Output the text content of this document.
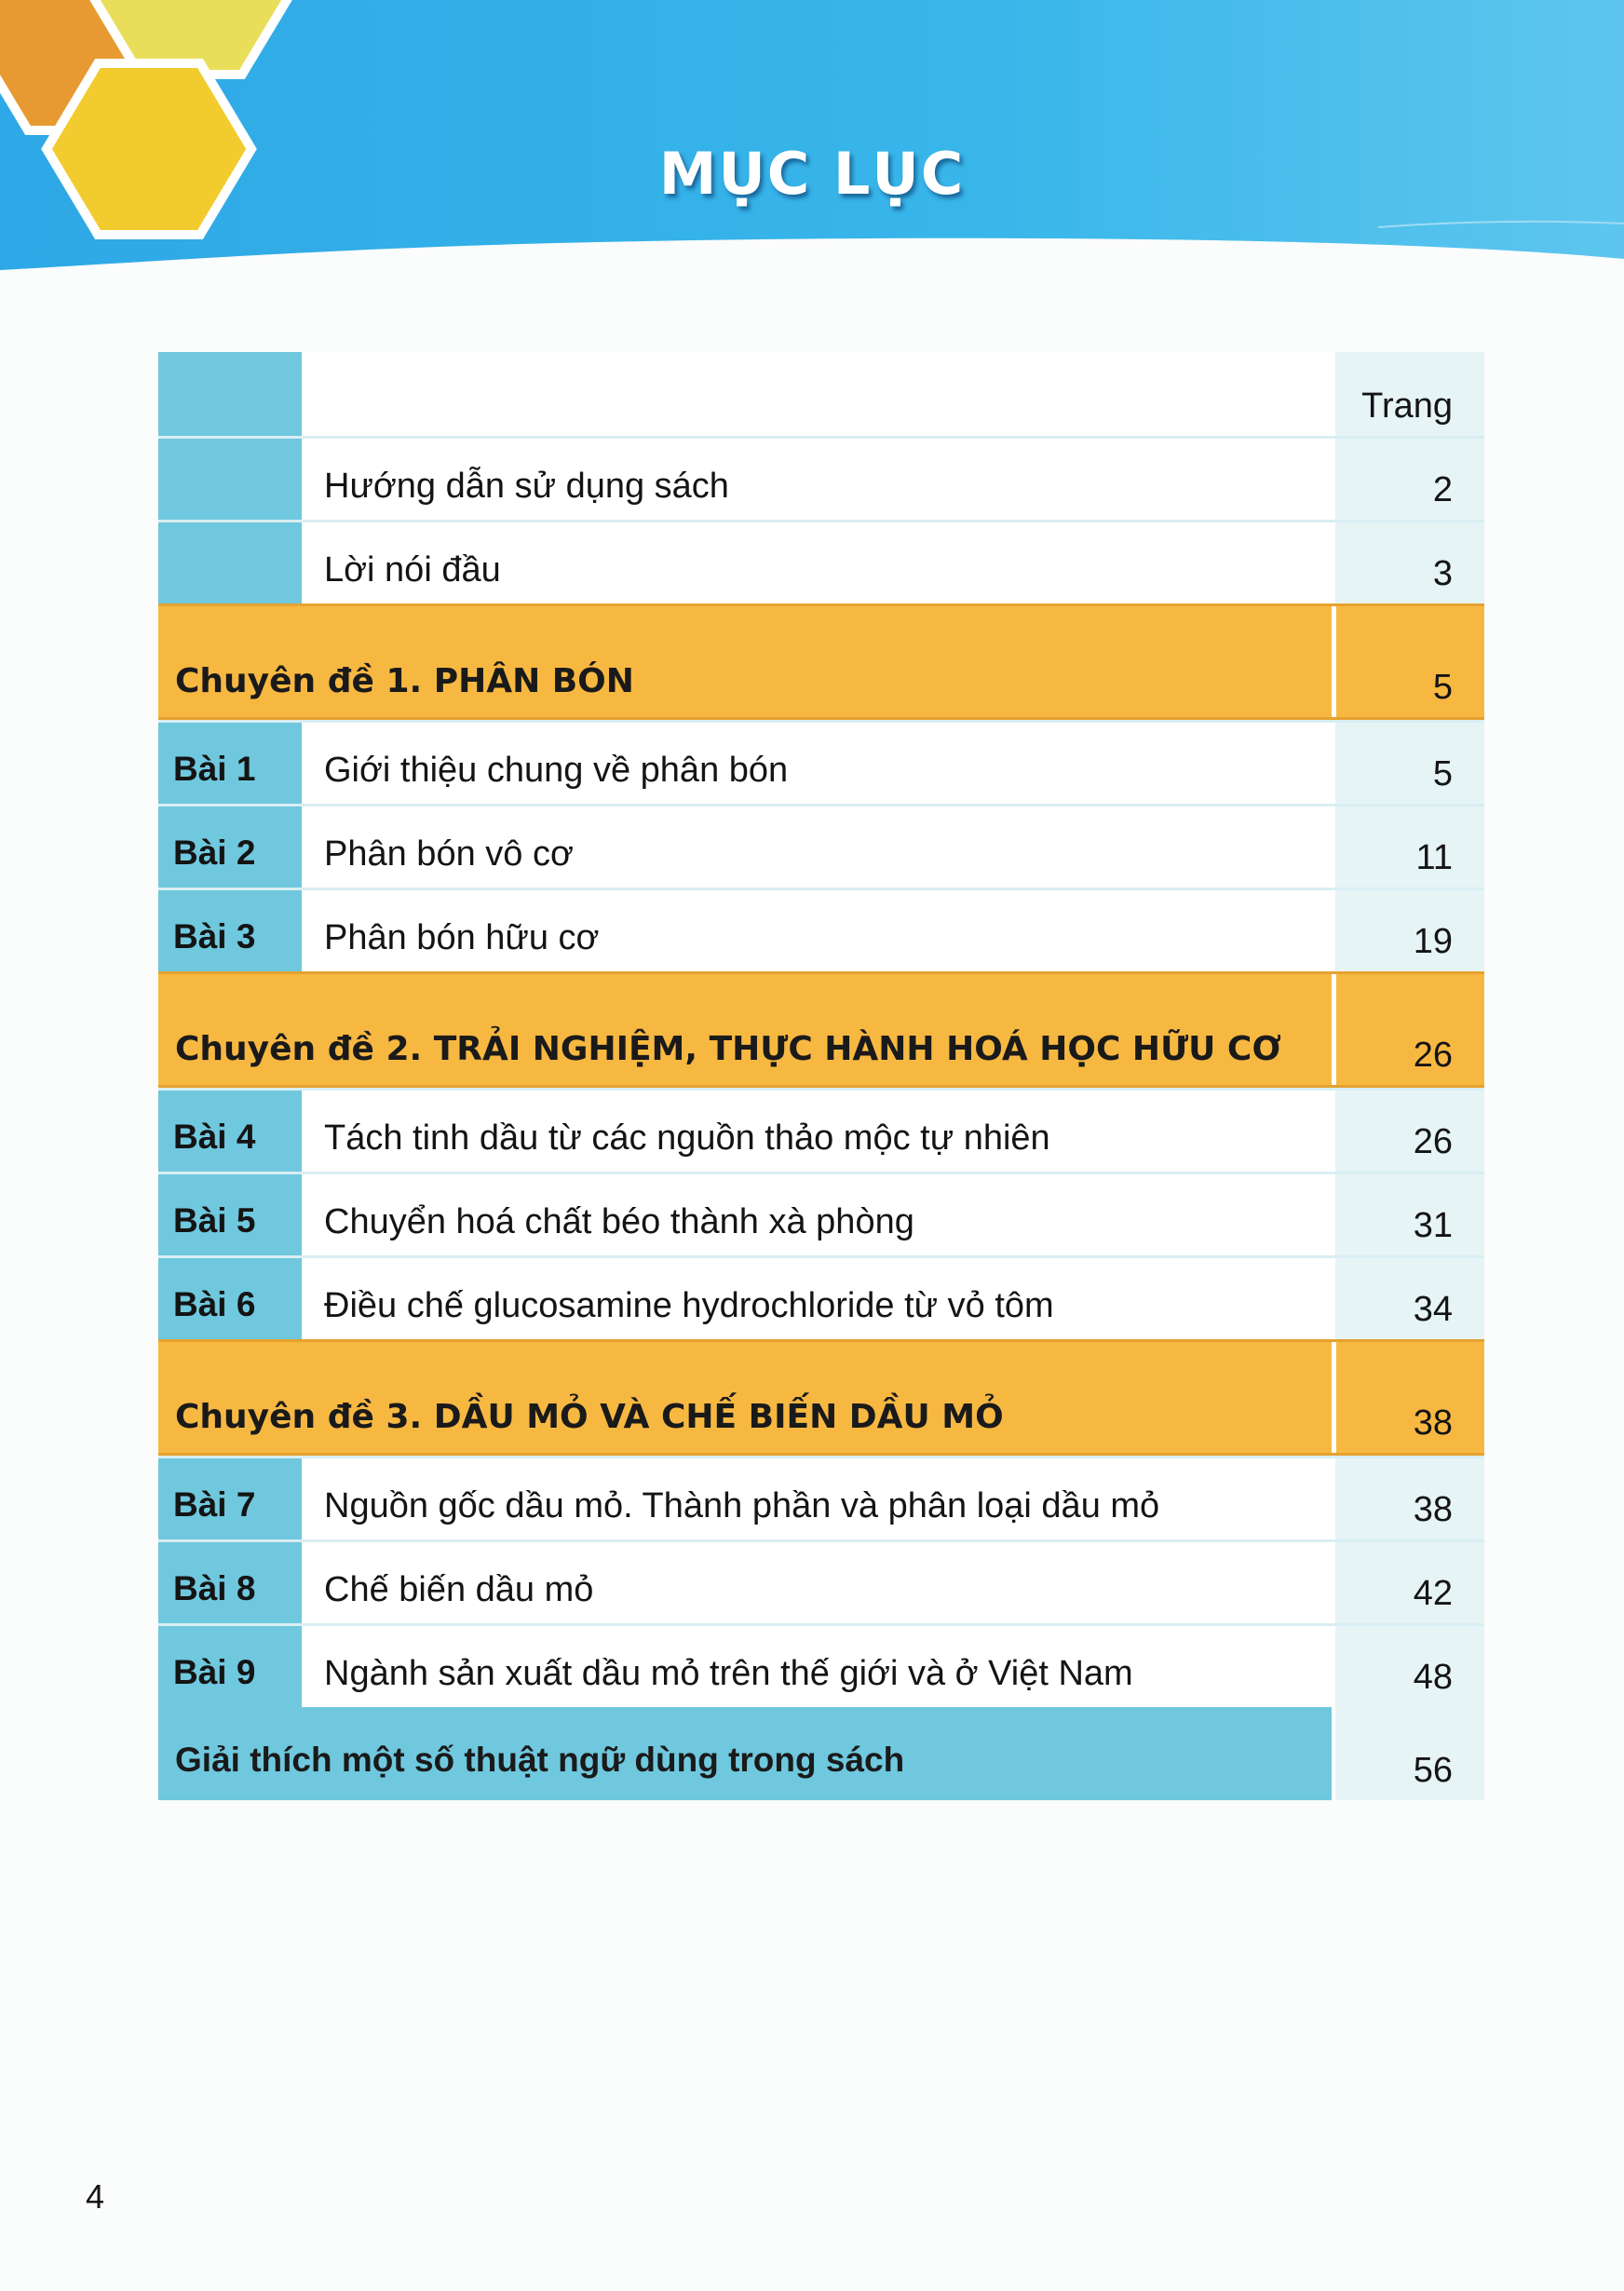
MỤC LỤC
Trang
Hướng dẫn sử dụng sách	2
Lời nói đầu	3
Chuyên đề 1. PHÂN BÓN	5
Bài 1 Giới thiệu chung về phân bón	5
Bài 2 Phân bón vô cơ	11
Bài 3 Phân bón hữu cơ	19
Chuyên đề 2. TRẢI NGHIỆM, THỰC HÀNH HOÁ HỌC HỮU CƠ	26
Bài 4 Tách tinh dầu từ các nguồn thảo mộc tự nhiên	26
Bài 5 Chuyển hoá chất béo thành xà phòng	31
Bài 6 Điều chế glucosamine hydrochloride từ vỏ tôm	34
Chuyên đề 3. DẦU MỎ VÀ CHẾ BIẾN DẦU MỎ	38
Bài 7 Nguồn gốc dầu mỏ. Thành phần và phân loại dầu mỏ	38
Bài 8 Chế biến dầu mỏ	42
Bài 9 Ngành sản xuất dầu mỏ trên thế giới và ở Việt Nam	48
Giải thích một số thuật ngữ dùng trong sách	56
4
